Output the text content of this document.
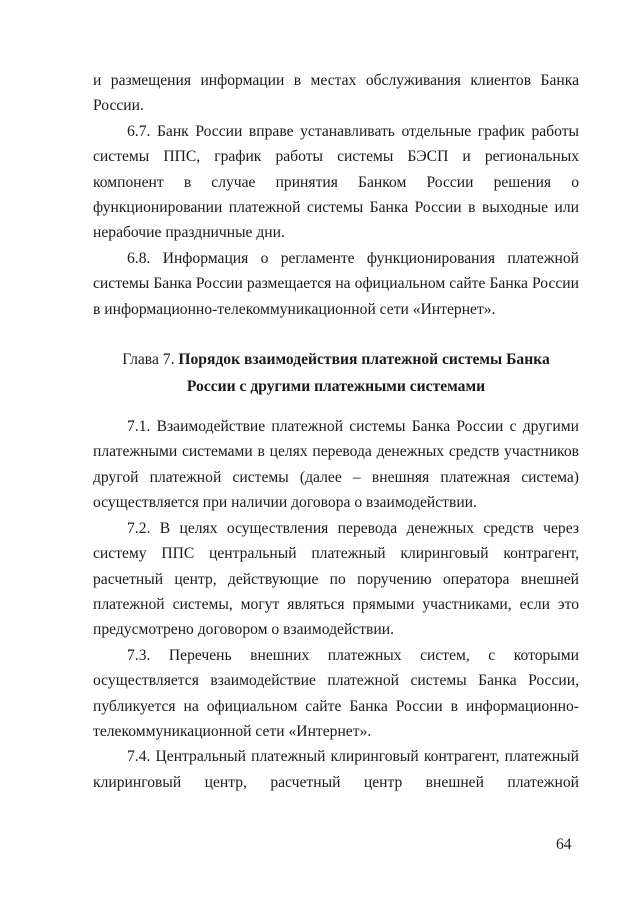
и размещения информации в местах обслуживания клиентов Банка России.

6.7. Банк России вправе устанавливать отдельные график работы системы ППС, график работы системы БЭСП и региональных компонент в случае принятия Банком России решения о функционировании платежной системы Банка России в выходные или нерабочие праздничные дни.

6.8. Информация о регламенте функционирования платежной системы Банка России размещается на официальном сайте Банка России в информационно-телекоммуникационной сети «Интернет».

Глава 7. Порядок взаимодействия платежной системы Банка
России с другими платежными системами

7.1. Взаимодействие платежной системы Банка России с другими платежными системами в целях перевода денежных средств участников другой платежной системы (далее – внешняя платежная система) осуществляется при наличии договора о взаимодействии.

7.2. В целях осуществления перевода денежных средств через систему ППС центральный платежный клиринговый контрагент, расчетный центр, действующие по поручению оператора внешней платежной системы, могут являться прямыми участниками, если это предусмотрено договором о взаимодействии.

7.3. Перечень внешних платежных систем, с которыми осуществляется взаимодействие платежной системы Банка России, публикуется на официальном сайте Банка России в информационно-телекоммуникационной сети «Интернет».

7.4. Центральный платежный клиринговый контрагент, платежный клиринговый центр, расчетный центр внешней платежной

64
